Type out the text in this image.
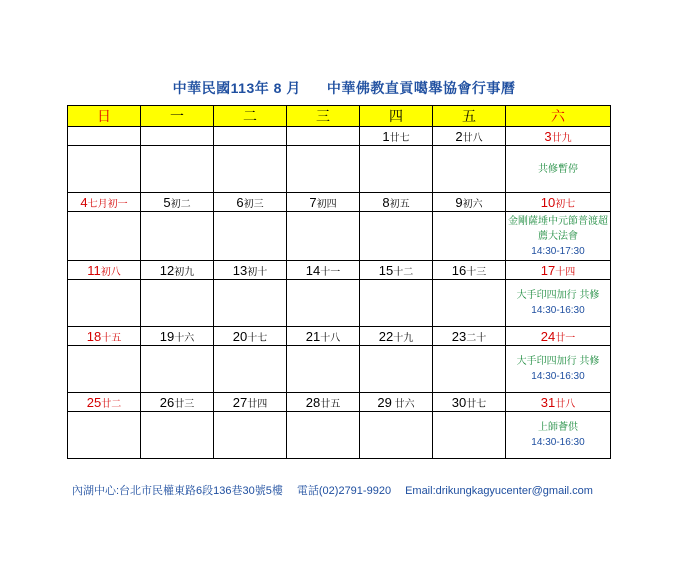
中華民國113年 8 月 中華佛教直貢噶舉協會行事曆
日	一	二	三	四	五	六
				1廿七	2廿八	3廿九

						共修暫停

4七月初一	5初二	6初三	7初四	8初五	9初六	10初七

						金剛薩埵中元節普渡超薦大法會
14:30-17:30

11初八	12初九	13初十	14十一	15十二	16十三	17十四

						大手印四加行 共修
14:30-16:30

18十五	19十六	20十七	21十八	22十九	23二十	24廿一

						大手印四加行 共修
14:30-16:30

25廿二	26廿三	27廿四	28廿五	29 廿六	30廿七	31廿八

						上師薈供
14:30-16:30
內湖中心:台北市民權東路6段136巷30號5樓 電話(02)2791-9920 Email:drikungkagyucenter@gmail.com
